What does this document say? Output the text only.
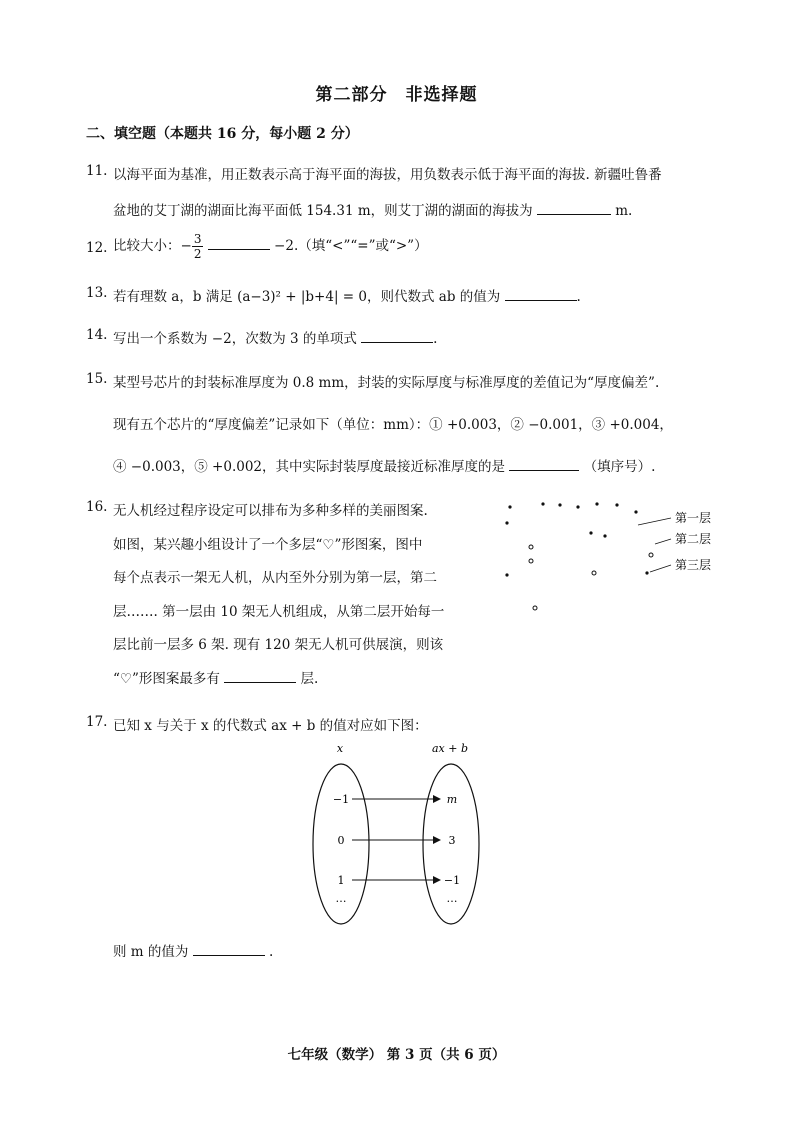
第二部分 非选择题
二、填空题（本题共 16 分，每小题 2 分）
11. 以海平面为基准，用正数表示高于海平面的海拔，用负数表示低于海平面的海拔. 新疆吐鲁番
盆地的艾丁湖的湖面比海平面低 154.31 m，则艾丁湖的湖面的海拔为	m.
12. 比较大小：− $\frac{3}{2}$	−2.（填“<”“=”或“>”）
13. 若有理数 a，b 满足 (a−3)² + |b+4| = 0，则代数式 ab 的值为	.
14. 写出一个系数为 −2，次数为 3 的单项式	.
15. 某型号芯片的封装标准厚度为 0.8 mm，封装的实际厚度与标准厚度的差值记为“厚度偏差”.
现有五个芯片的“厚度偏差”记录如下（单位：mm）：① +0.003，② −0.001，③ +0.004，
④ −0.003，⑤ +0.002，其中实际封装厚度最接近标准厚度的是	（填序号）.
16. 无人机经过程序设定可以排布为多种多样的美丽图案.
如图，某兴趣小组设计了一个多层“♡”形图案，图中
每个点表示一架无人机，从内至外分别为第一层，第二
层……. 第一层由 10 架无人机组成，从第二层开始每一
层比前一层多 6 架. 现有 120 架无人机可供展演，则该
“♡”形图案最多有	层.
第一层
第二层
第三层
17. 已知 x 与关于 x 的代数式 ax + b 的值对应如下图：
x	ax + b
−1
0
1
…
m
3
−1
…
则 m 的值为	.
七年级（数学） 第 3 页（共 6 页）
